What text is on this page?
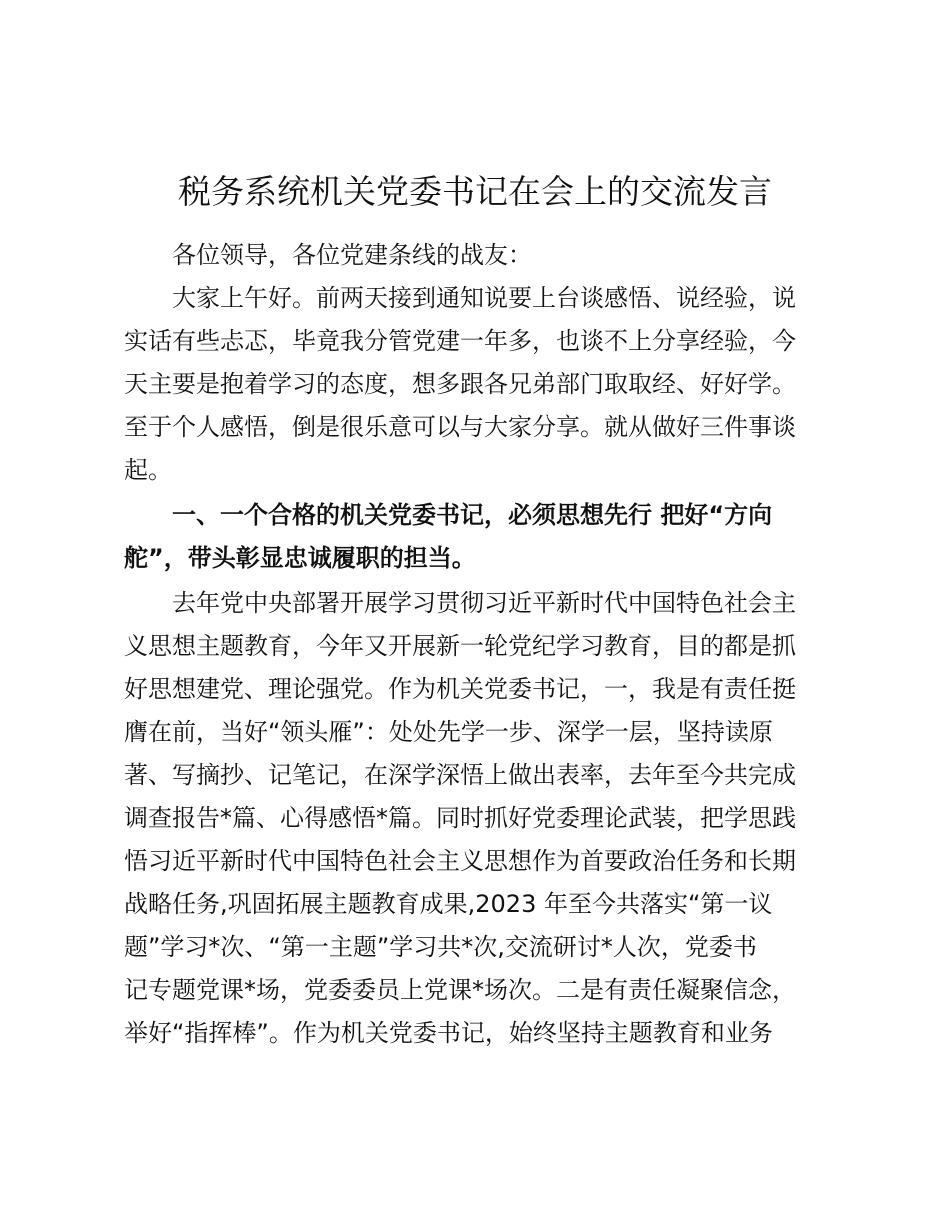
税务系统机关党委书记在会上的交流发言
各位领导，各位党建条线的战友：
大家上午好。前两天接到通知说要上台谈感悟、说经验，说
实话有些忐忑，毕竟我分管党建一年多，也谈不上分享经验，今
天主要是抱着学习的态度，想多跟各兄弟部门取取经、好好学。
至于个人感悟，倒是很乐意可以与大家分享。就从做好三件事谈
起。
一、一个合格的机关党委书记，必须思想先行 把好“方向
舵”，带头彰显忠诚履职的担当。
去年党中央部署开展学习贯彻习近平新时代中国特色社会主
义思想主题教育，今年又开展新一轮党纪学习教育，目的都是抓
好思想建党、理论强党。作为机关党委书记，一，我是有责任挺
膺在前，当好“领头雁”：处处先学一步、深学一层，坚持读原
著、写摘抄、记笔记，在深学深悟上做出表率，去年至今共完成
调查报告*篇、心得感悟*篇。同时抓好党委理论武装，把学思践
悟习近平新时代中国特色社会主义思想作为首要政治任务和长期
战略任务,巩固拓展主题教育成果,2023 年至今共落实“第一议
题”学习*次、“第一主题”学习共*次,交流研讨*人次，党委书
记专题党课*场，党委委员上党课*场次。二是有责任凝聚信念，
举好“指挥棒”。作为机关党委书记，始终坚持主题教育和业务
